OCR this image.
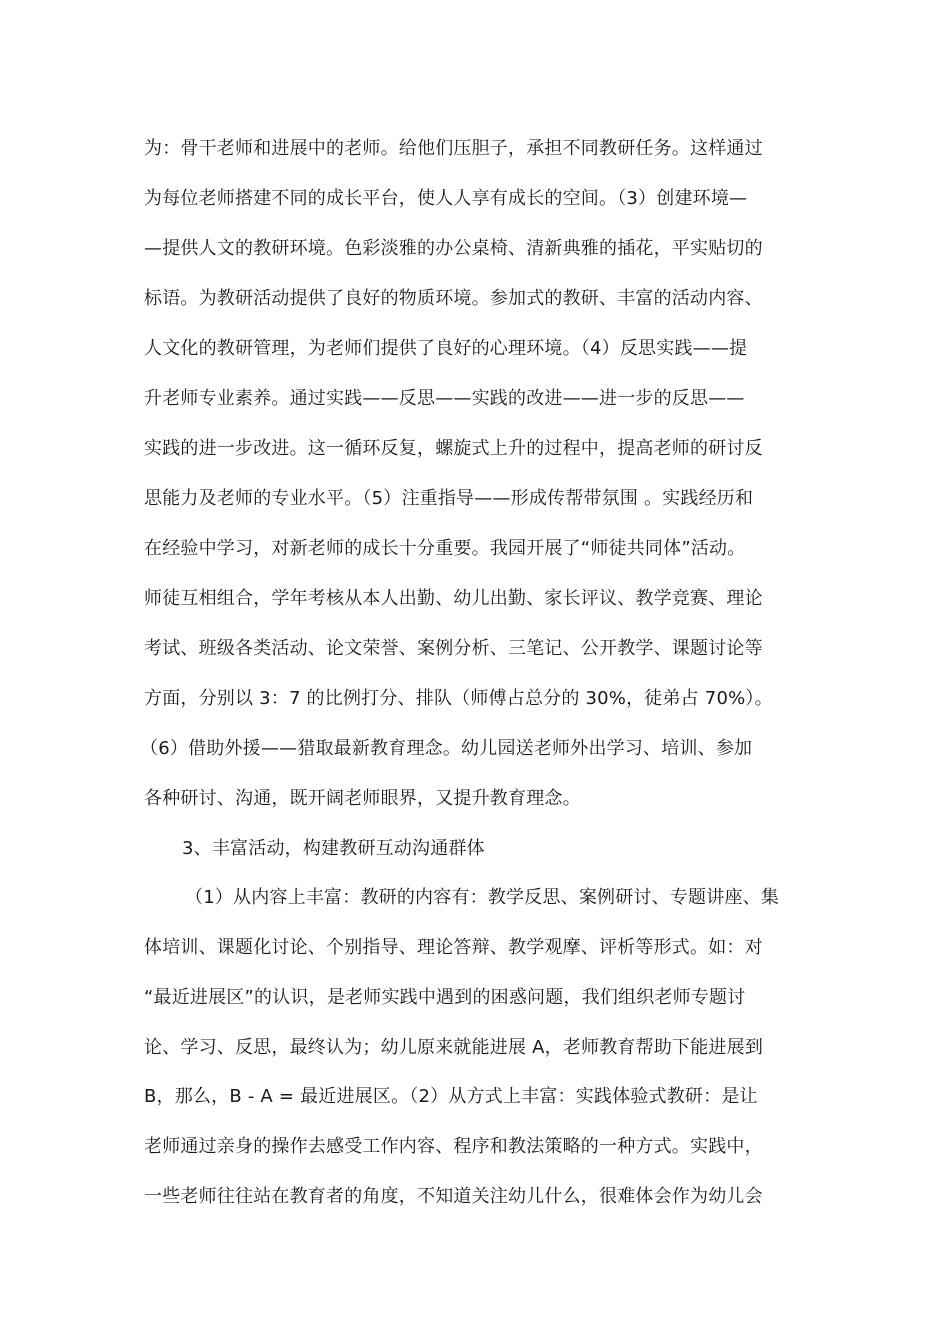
为：骨干老师和进展中的老师。给他们压胆子，承担不同教研任务。这样通过
为每位老师搭建不同的成长平台，使人人享有成长的空间。（3）创建环境—
—提供人文的教研环境。色彩淡雅的办公桌椅、清新典雅的插花，平实贴切的
标语。为教研活动提供了良好的物质环境。参加式的教研、丰富的活动内容、
人文化的教研管理，为老师们提供了良好的心理环境。（4）反思实践——提
升老师专业素养。通过实践——反思——实践的改进——进一步的反思——
实践的进一步改进。这一循环反复，螺旋式上升的过程中，提高老师的研讨反
思能力及老师的专业水平。（5）注重指导——形成传帮带氛围 。实践经历和
在经验中学习，对新老师的成长十分重要。我园开展了“师徒共同体”活动。
师徒互相组合，学年考核从本人出勤、幼儿出勤、家长评议、教学竞赛、理论
考试、班级各类活动、论文荣誉、案例分析、三笔记、公开教学、课题讨论等
方面，分别以 3：7 的比例打分、排队（师傅占总分的 30%，徒弟占 70%）。
（6）借助外援——猎取最新教育理念。幼儿园送老师外出学习、培训、参加
各种研讨、沟通，既开阔老师眼界，又提升教育理念。
3、丰富活动，构建教研互动沟通群体
（1）从内容上丰富：教研的内容有：教学反思、案例研讨、专题讲座、集
体培训、课题化讨论、个别指导、理论答辩、教学观摩、评析等形式。如：对
“最近进展区”的认识，是老师实践中遇到的困惑问题，我们组织老师专题讨
论、学习、反思，最终认为；幼儿原来就能进展 A，老师教育帮助下能进展到
B，那么，B - A = 最近进展区。（2）从方式上丰富：实践体验式教研：是让
老师通过亲身的操作去感受工作内容、程序和教法策略的一种方式。实践中，
一些老师往往站在教育者的角度，不知道关注幼儿什么，很难体会作为幼儿会
